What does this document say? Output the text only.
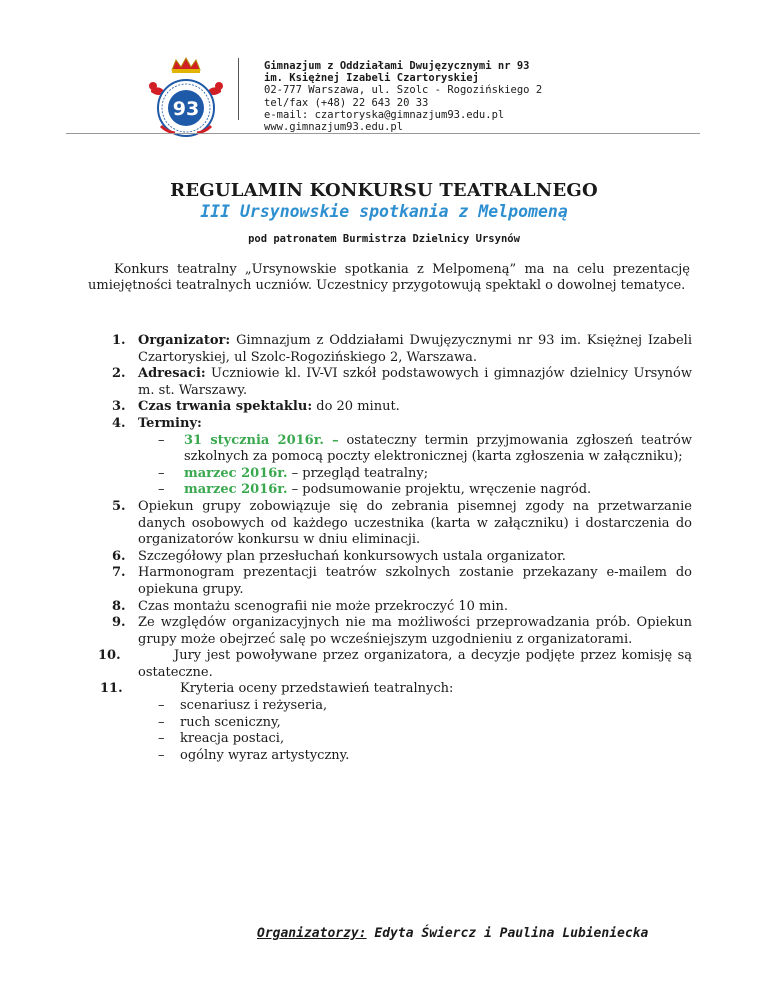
93
Gimnazjum z Oddziałami Dwujęzycznymi nr 93
im. Księżnej Izabeli Czartoryskiej
02-777 Warszawa, ul. Szolc - Rogozińskiego 2
tel/fax (+48) 22 643 20 33
e-mail: czartoryska@gimnazjum93.edu.pl
www.gimnazjum93.edu.pl
REGULAMIN KONKURSU TEATRALNEGO
III Ursynowskie spotkania z Melpomeną
pod patronatem Burmistrza Dzielnicy Ursynów
Konkurs teatralny „Ursynowskie spotkania z Melpomeną” ma na celu prezentację umiejętności teatralnych uczniów. Uczestnicy przygotowują spektakl o dowolnej tematyce.
1. Organizator: Gimnazjum z Oddziałami Dwujęzycznymi nr 93 im. Księżnej Izabeli Czartoryskiej, ul Szolc-Rogozińskiego 2, Warszawa.
2. Adresaci: Uczniowie kl. IV-VI szkół podstawowych i gimnazjów dzielnicy Ursynów m. st. Warszawy.
3. Czas trwania spektaklu: do 20 minut.
4. Terminy:
– 31 stycznia 2016r. – ostateczny termin przyjmowania zgłoszeń teatrów szkolnych za pomocą poczty elektronicznej (karta zgłoszenia w załączniku);
– marzec 2016r. – przegląd teatralny;
– marzec 2016r. – podsumowanie projektu, wręczenie nagród.
5. Opiekun grupy zobowiązuje się do zebrania pisemnej zgody na przetwarzanie danych osobowych od każdego uczestnika (karta w załączniku) i dostarczenia do organizatorów konkursu w dniu eliminacji.
6. Szczegółowy plan przesłuchań konkursowych ustala organizator.
7. Harmonogram prezentacji teatrów szkolnych zostanie przekazany e-mailem do opiekuna grupy.
8. Czas montażu scenografii nie może przekroczyć 10 min.
9. Ze względów organizacyjnych nie ma możliwości przeprowadzania prób. Opiekun grupy może obejrzeć salę po wcześniejszym uzgodnieniu z organizatorami.
10.	Jury jest powoływane przez organizatora, a decyzje podjęte przez komisję są ostateczne.
11.	Kryteria oceny przedstawień teatralnych:
– scenariusz i reżyseria,
– ruch sceniczny,
– kreacja postaci,
– ogólny wyraz artystyczny.
Organizatorzy: Edyta Świercz i Paulina Lubieniecka
